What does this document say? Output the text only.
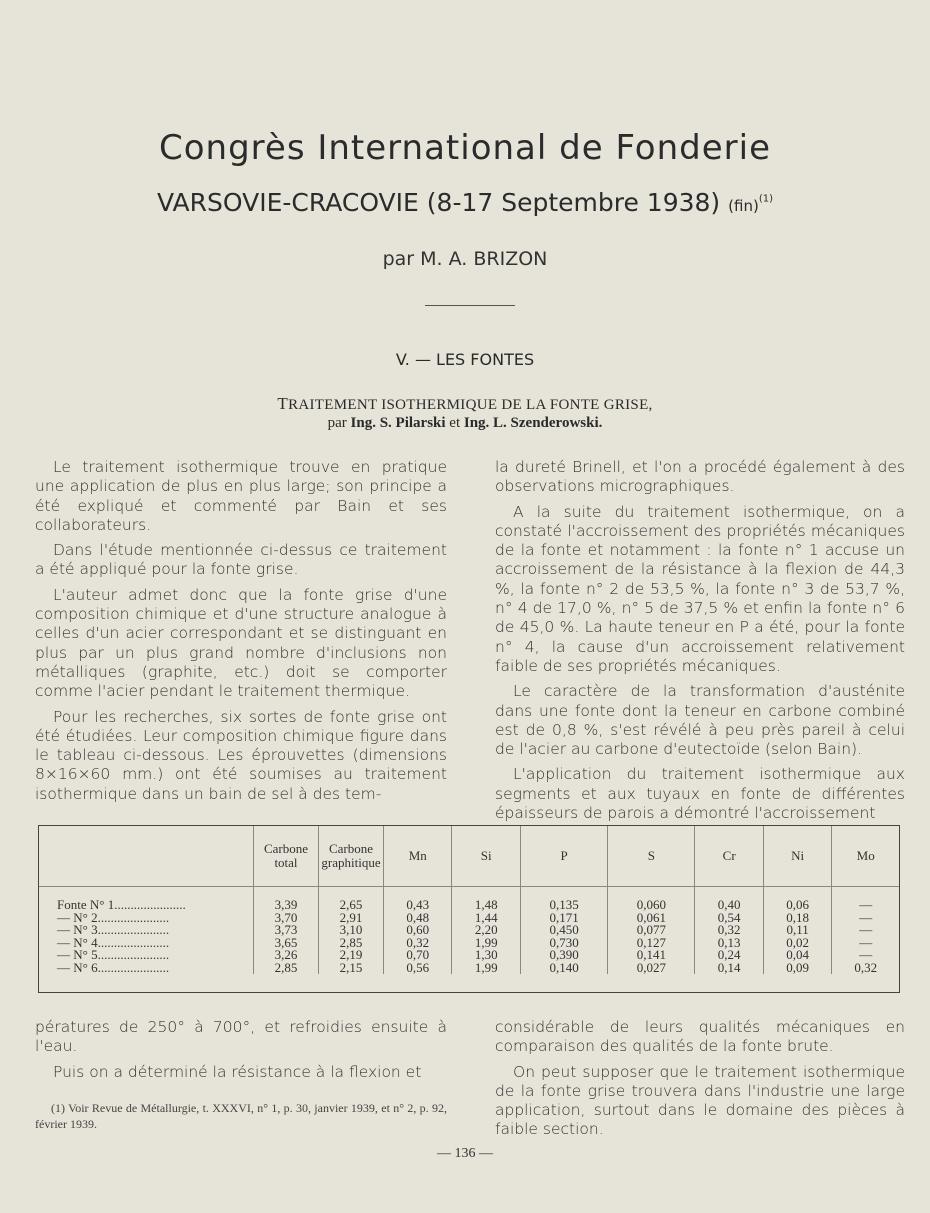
Congrès International de Fonderie
VARSOVIE-CRACOVIE (8-17 Septembre 1938) (fin)$^{(1)}$
par M. A. BRIZON
V. — LES FONTES
TRAITEMENT ISOTHERMIQUE DE LA FONTE GRISE,
par Ing. S. Pilarski et Ing. L. Szenderowski.

Le traitement isothermique trouve en pratique une application de plus en plus large; son principe a été expliqué et commenté par Bain et ses collaborateurs.

Dans l'étude mentionnée ci-dessus ce traitement a été appliqué pour la fonte grise.

L'auteur admet donc que la fonte grise d'une composition chimique et d'une structure analogue à celles d'un acier correspondant et se distinguant en plus par un plus grand nombre d'inclusions non métalliques (graphite, etc.) doit se comporter comme l'acier pendant le traitement thermique.

Pour les recherches, six sortes de fonte grise ont été étudiées. Leur composition chimique figure dans le tableau ci-dessous. Les éprouvettes (dimensions 8×16×60 mm.) ont été soumises au traitement isothermique dans un bain de sel à des tem-

la dureté Brinell, et l'on a procédé également à des observations micrographiques.

A la suite du traitement isothermique, on a constaté l'accroissement des propriétés mécaniques de la fonte et notamment : la fonte n° 1 accuse un accroissement de la résistance à la flexion de 44,3 %, la fonte n° 2 de 53,5 %, la fonte n° 3 de 53,7 %, n° 4 de 17,0 %, n° 5 de 37,5 % et enfin la fonte n° 6 de 45,0 %. La haute teneur en P a été, pour la fonte n° 4, la cause d'un accroissement relativement faible de ses propriétés mécaniques.

Le caractère de la transformation d'austénite dans une fonte dont la teneur en carbone combiné est de 0,8 %, s'est révélé à peu près pareil à celui de l'acier au carbone d'eutectoïde (selon Bain).

L'application du traitement isothermique aux segments et aux tuyaux en fonte de différentes épaisseurs de parois a démontré l'accroissement

	Carbone total	Carbone graphitique	Mn	Si	P	S	Cr	Ni	Mo
Fonte N° 1......................	3,39	2,65	0,43	1,48	0,135	0,060	0,40	0,06	—
— N° 2......................	3,70	2,91	0,48	1,44	0,171	0,061	0,54	0,18	—
— N° 3......................	3,73	3,10	0,60	2,20	0,450	0,077	0,32	0,11	—
— N° 4......................	3,65	2,85	0,32	1,99	0,730	0,127	0,13	0,02	—
— N° 5......................	3,26	2,19	0,70	1,30	0,390	0,141	0,24	0,04	—
— N° 6......................	2,85	2,15	0,56	1,99	0,140	0,027	0,14	0,09	0,32

pératures de 250° à 700°, et refroidies ensuite à l'eau.

Puis on a déterminé la résistance à la flexion et

(1) Voir Revue de Métallurgie, t. XXXVI, n° 1, p. 30, janvier 1939, et n° 2, p. 92, février 1939.

considérable de leurs qualités mécaniques en comparaison des qualités de la fonte brute.

On peut supposer que le traitement isothermique de la fonte grise trouvera dans l'industrie une large application, surtout dans le domaine des pièces à faible section.

— 136 —
